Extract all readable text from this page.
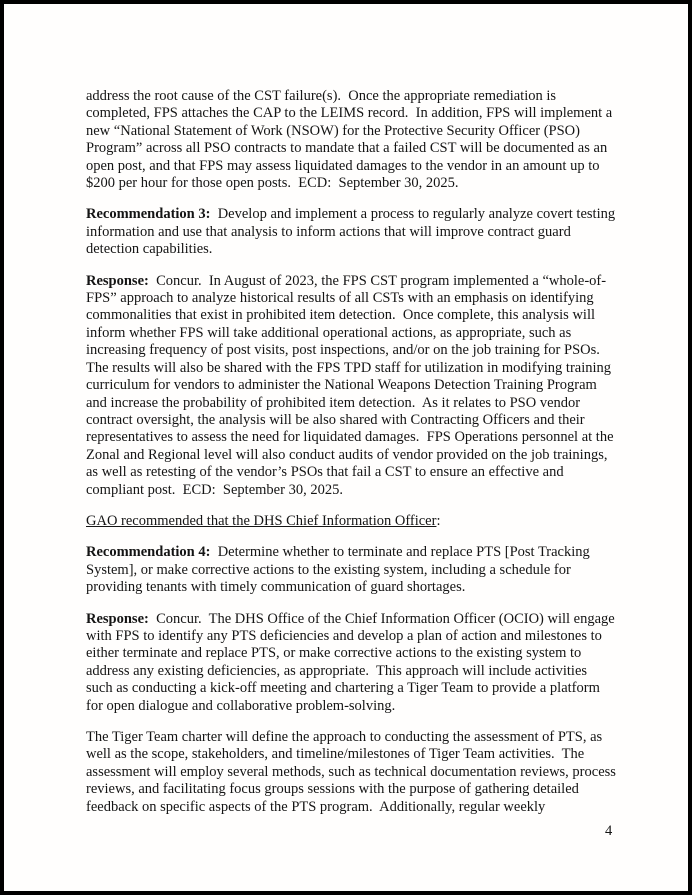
address the root cause of the CST failure(s).  Once the appropriate remediation is completed, FPS attaches the CAP to the LEIMS record.  In addition, FPS will implement a new “National Statement of Work (NSOW) for the Protective Security Officer (PSO) Program” across all PSO contracts to mandate that a failed CST will be documented as an open post, and that FPS may assess liquidated damages to the vendor in an amount up to $200 per hour for those open posts.  ECD:  September 30, 2025.

Recommendation 3:  Develop and implement a process to regularly analyze covert testing information and use that analysis to inform actions that will improve contract guard detection capabilities.

Response:  Concur.  In August of 2023, the FPS CST program implemented a “whole-of-FPS” approach to analyze historical results of all CSTs with an emphasis on identifying commonalities that exist in prohibited item detection.  Once complete, this analysis will inform whether FPS will take additional operational actions, as appropriate, such as increasing frequency of post visits, post inspections, and/or on the job training for PSOs.  The results will also be shared with the FPS TPD staff for utilization in modifying training curriculum for vendors to administer the National Weapons Detection Training Program and increase the probability of prohibited item detection.  As it relates to PSO vendor contract oversight, the analysis will be also shared with Contracting Officers and their representatives to assess the need for liquidated damages.  FPS Operations personnel at the Zonal and Regional level will also conduct audits of vendor provided on the job trainings, as well as retesting of the vendor’s PSOs that fail a CST to ensure an effective and compliant post.  ECD:  September 30, 2025.

GAO recommended that the DHS Chief Information Officer:

Recommendation 4:  Determine whether to terminate and replace PTS [Post Tracking System], or make corrective actions to the existing system, including a schedule for providing tenants with timely communication of guard shortages.

Response:  Concur.  The DHS Office of the Chief Information Officer (OCIO) will engage with FPS to identify any PTS deficiencies and develop a plan of action and milestones to either terminate and replace PTS, or make corrective actions to the existing system to address any existing deficiencies, as appropriate.  This approach will include activities such as conducting a kick-off meeting and chartering a Tiger Team to provide a platform for open dialogue and collaborative problem-solving.

The Tiger Team charter will define the approach to conducting the assessment of PTS, as well as the scope, stakeholders, and timeline/milestones of Tiger Team activities.  The assessment will employ several methods, such as technical documentation reviews, process reviews, and facilitating focus groups sessions with the purpose of gathering detailed feedback on specific aspects of the PTS program.  Additionally, regular weekly

4
